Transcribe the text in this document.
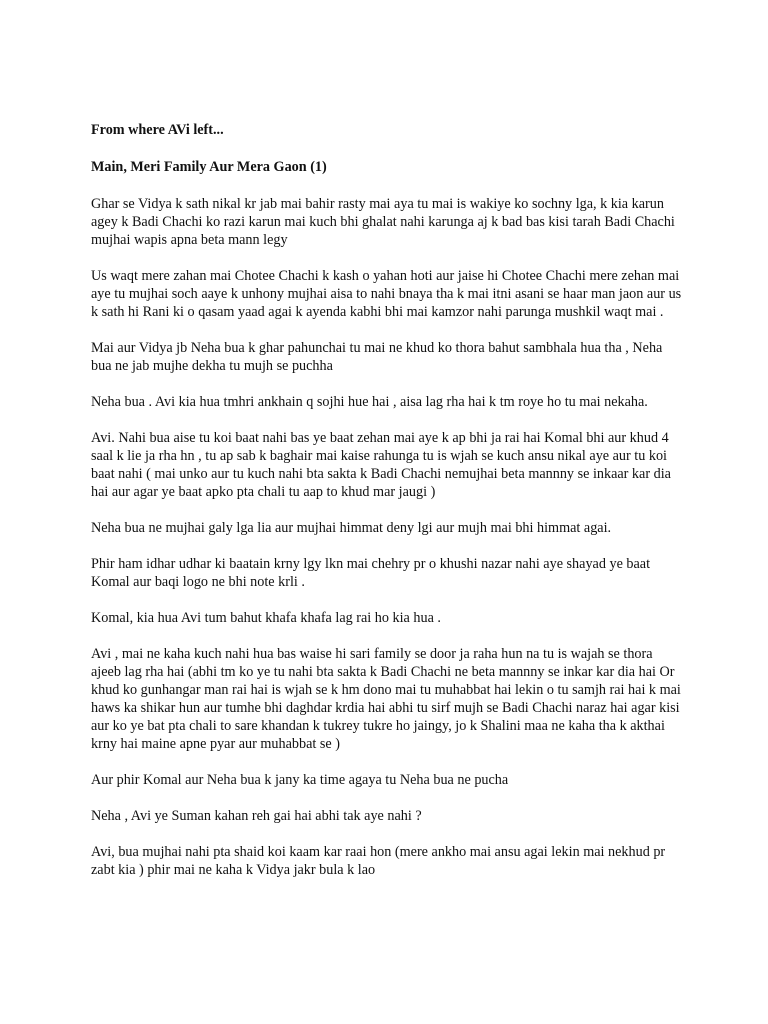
From where AVi left...

Main, Meri Family Aur Mera Gaon (1)

Ghar se Vidya k sath nikal kr jab mai bahir rasty mai aya tu mai is wakiye ko sochny lga, k kia karun agey k Badi Chachi ko razi karun mai kuch bhi ghalat nahi karunga aj k bad bas kisi tarah Badi Chachi mujhai wapis apna beta mann legy

Us waqt mere zahan mai Chotee Chachi k kash o yahan hoti aur jaise hi Chotee Chachi mere zehan mai aye tu mujhai soch aaye k unhony mujhai aisa to nahi bnaya tha k mai itni asani se haar man jaon aur us k sath hi Rani ki o qasam yaad agai k ayenda kabhi bhi mai kamzor nahi parunga mushkil waqt mai .

Mai aur Vidya jb Neha bua k ghar pahunchai tu mai ne khud ko thora bahut sambhala hua tha , Neha bua ne jab mujhe dekha tu mujh se puchha

Neha bua . Avi kia hua tmhri ankhain q sojhi hue hai , aisa lag rha hai k tm roye ho tu mai nekaha.

Avi. Nahi bua aise tu koi baat nahi bas ye baat zehan mai aye k ap bhi ja rai hai Komal bhi aur khud 4 saal k lie ja rha hn , tu ap sab k baghair mai kaise rahunga tu is wjah se kuch ansu nikal aye aur tu koi baat nahi ( mai unko aur tu kuch nahi bta sakta k Badi Chachi nemujhai beta mannny se inkaar kar dia hai aur agar ye baat apko pta chali tu aap to khud mar jaugi )

Neha bua ne mujhai galy lga lia aur mujhai himmat deny lgi aur mujh mai bhi himmat agai.

Phir ham idhar udhar ki baatain krny lgy lkn mai chehry pr o khushi nazar nahi aye shayad ye baat Komal aur baqi logo ne bhi note krli .

Komal, kia hua Avi tum bahut khafa khafa lag rai ho kia hua .

Avi , mai ne kaha kuch nahi hua bas waise hi sari family se door ja raha hun na tu is wajah se thora ajeeb lag rha hai (abhi tm ko ye tu nahi bta sakta k Badi Chachi ne beta mannny se inkar kar dia hai Or khud ko gunhangar man rai hai is wjah se k hm dono mai tu muhabbat hai lekin o tu samjh rai hai k mai haws ka shikar hun aur tumhe bhi daghdar krdia hai abhi tu sirf mujh se Badi Chachi naraz hai agar kisi aur ko ye bat pta chali to sare khandan k tukrey tukre ho jaingy, jo k Shalini maa ne kaha tha k akthai krny hai maine apne pyar aur muhabbat se )

Aur phir Komal aur Neha bua k jany ka time agaya tu Neha bua ne pucha

Neha , Avi ye Suman kahan reh gai hai abhi tak aye nahi ?

Avi, bua mujhai nahi pta shaid koi kaam kar raai hon (mere ankho mai ansu agai lekin mai nekhud pr zabt kia ) phir mai ne kaha k Vidya jakr bula k lao
